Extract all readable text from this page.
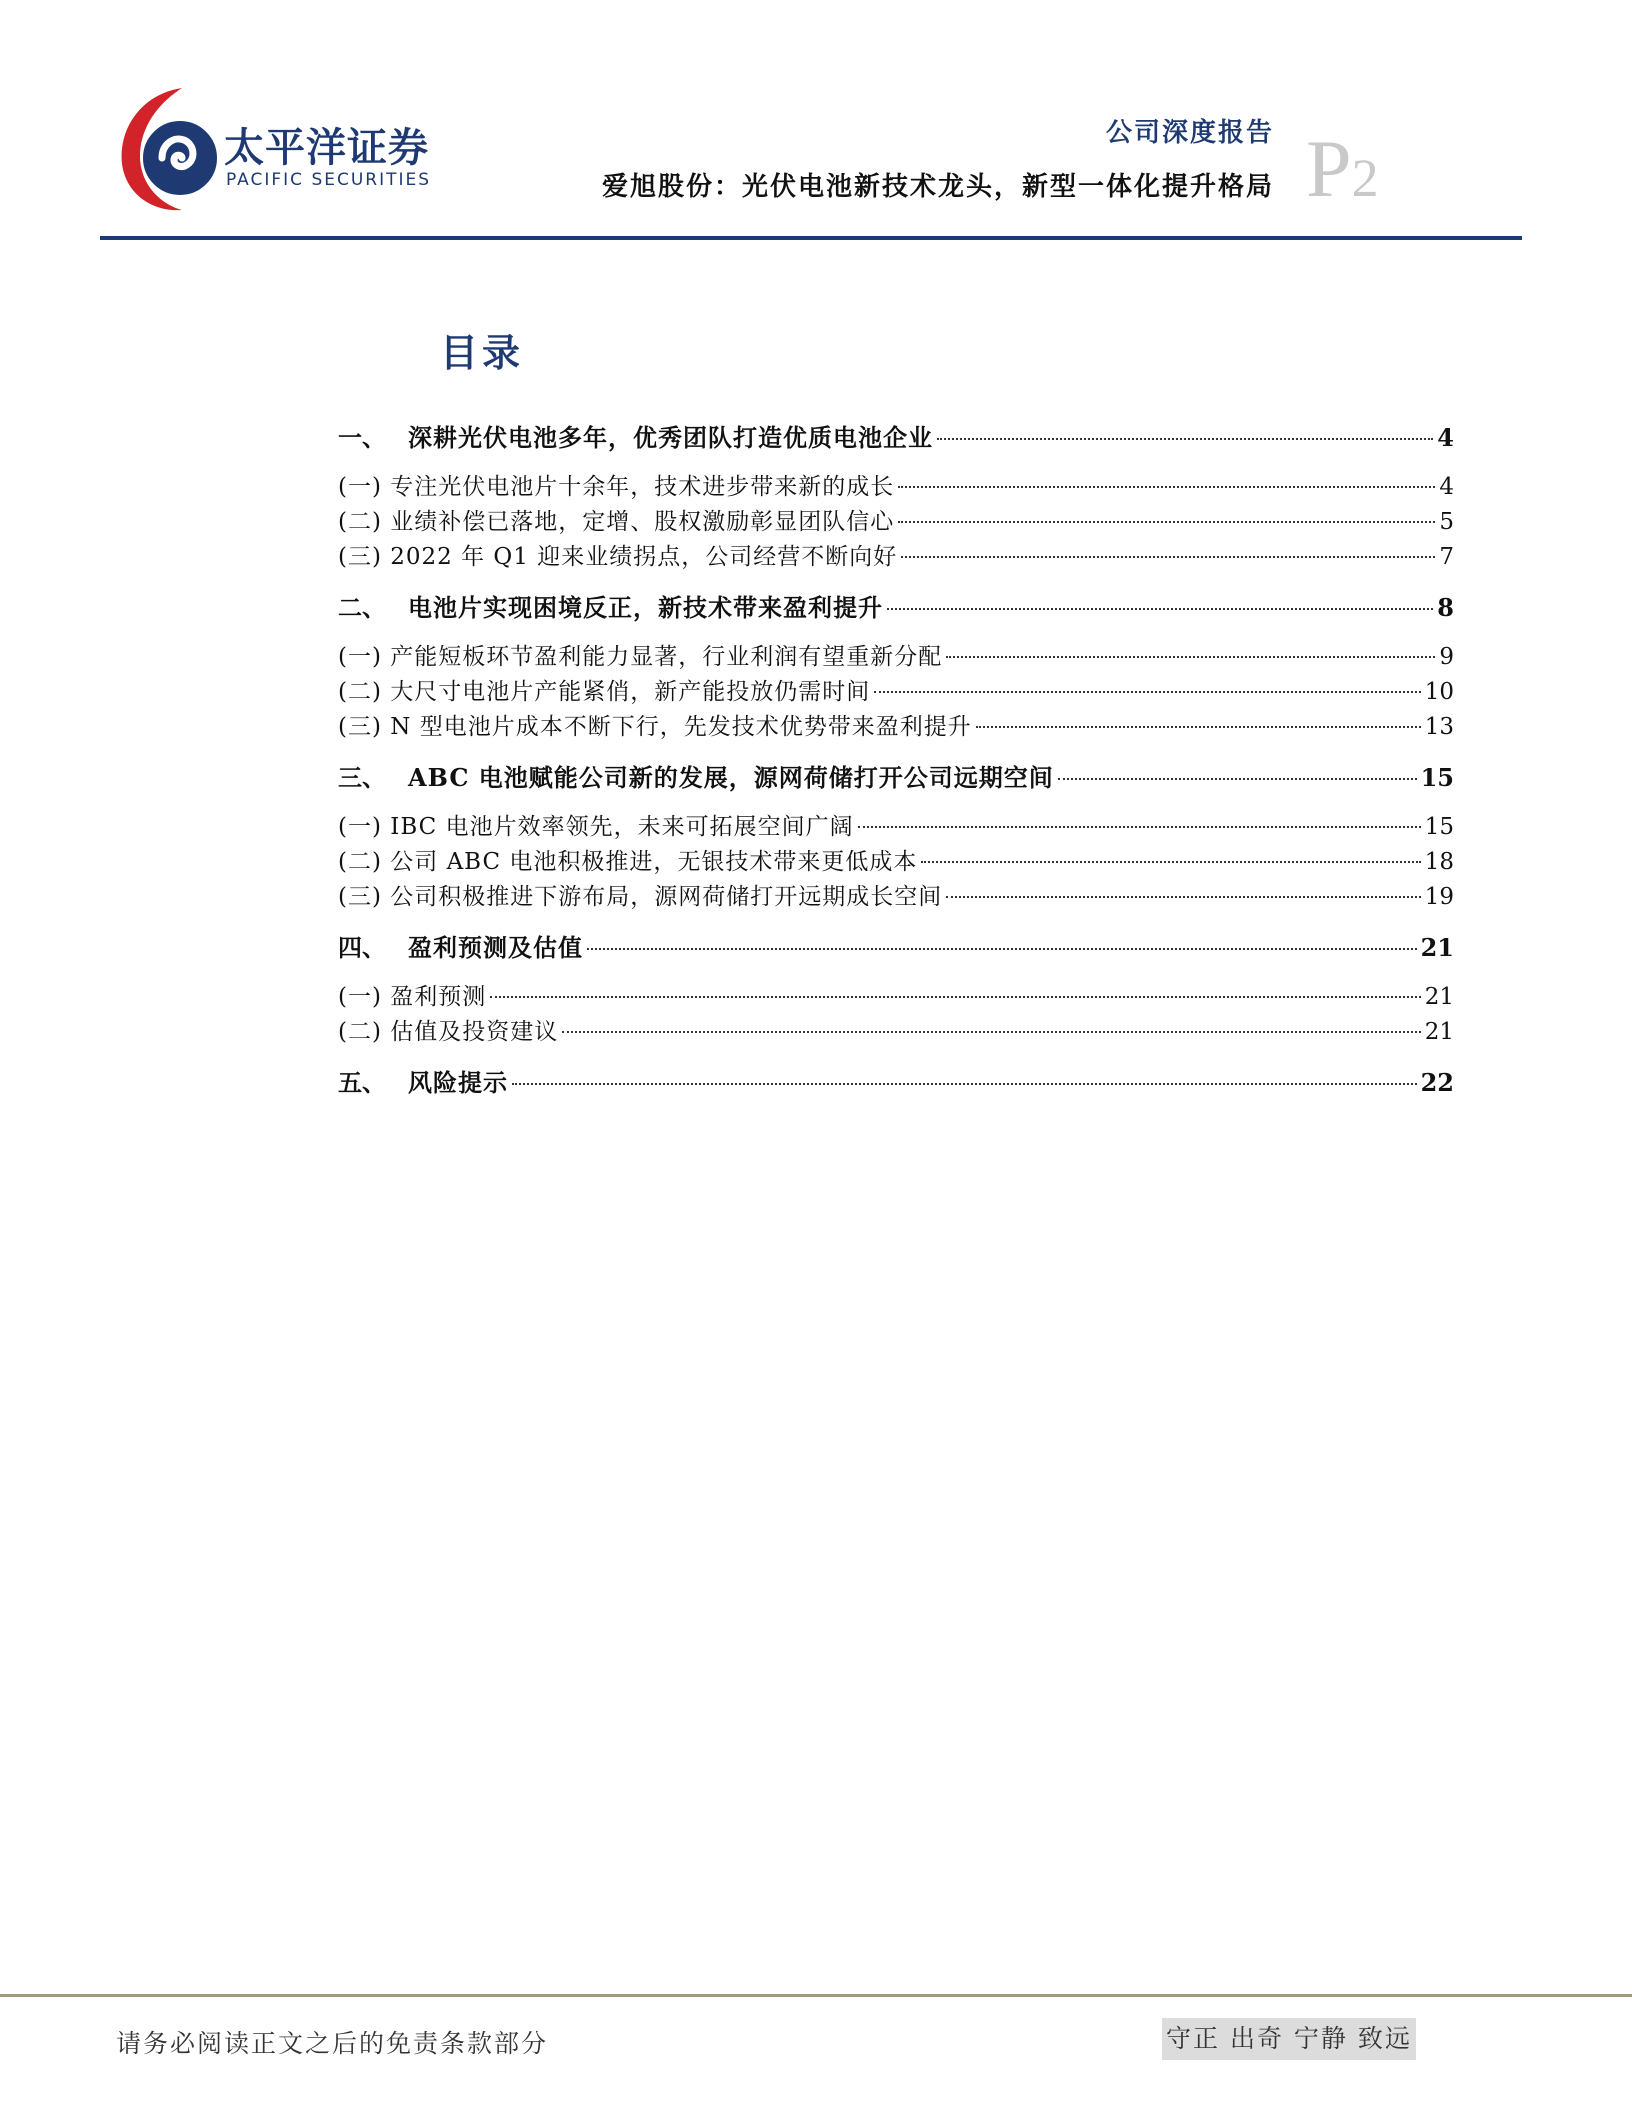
太平洋证券
PACIFIC SECURITIES
公司深度报告
爱旭股份：光伏电池新技术龙头，新型一体化提升格局 P2
目录
一、 深耕光伏电池多年，优秀团队打造优质电池企业	4
(一) 专注光伏电池片十余年，技术进步带来新的成长	4
(二) 业绩补偿已落地，定增、股权激励彰显团队信心	5
(三) 2022 年 Q1 迎来业绩拐点，公司经营不断向好	7
二、 电池片实现困境反正，新技术带来盈利提升	8
(一) 产能短板环节盈利能力显著，行业利润有望重新分配	9
(二) 大尺寸电池片产能紧俏，新产能投放仍需时间	10
(三) N 型电池片成本不断下行，先发技术优势带来盈利提升	13
三、 ABC 电池赋能公司新的发展，源网荷储打开公司远期空间	15
(一) IBC 电池片效率领先，未来可拓展空间广阔	15
(二) 公司 ABC 电池积极推进，无银技术带来更低成本	18
(三) 公司积极推进下游布局，源网荷储打开远期成长空间	19
四、 盈利预测及估值	21
(一) 盈利预测	21
(二) 估值及投资建议	21
五、 风险提示	22
请务必阅读正文之后的免责条款部分	守正 出奇 宁静 致远
